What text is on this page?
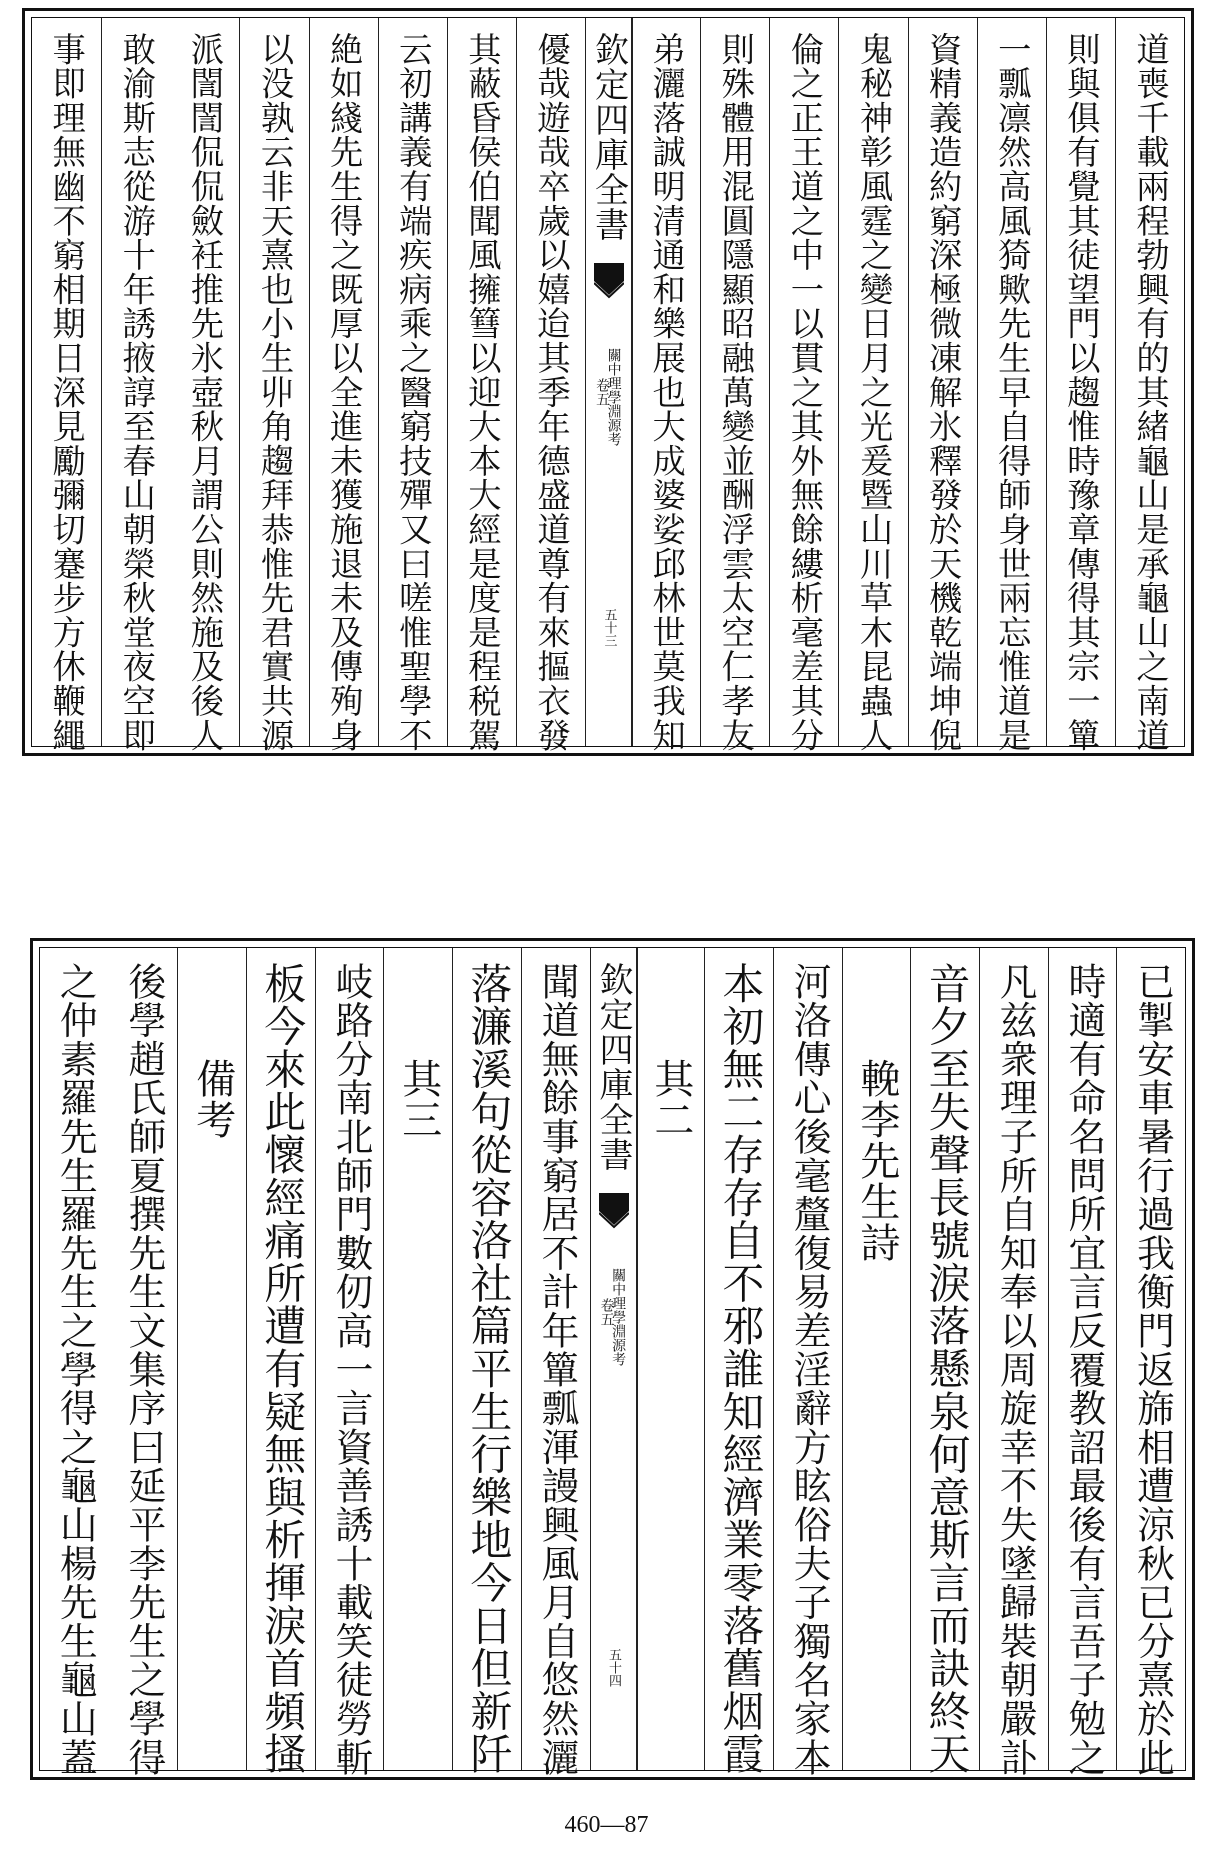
道喪千載兩程勃興有的其緒龜山是承龜山之南道
則與俱有覺其徒望門以趨惟時豫章傳得其宗一簞
一瓢凛然高風猗歟先生早自得師身世兩忘惟道是
資精義造約窮深極微凍解氷釋發於天機乾端坤倪
鬼秘神彰風霆之變日月之光爰暨山川草木昆蟲人
倫之正王道之中一以貫之其外無餘縷析毫差其分
則殊體用混圓隱顯昭融萬變並酬浮雲太空仁孝友
弟灑落誠明清通和樂展也大成婆娑邱林世莫我知
欽定四庫全書
關中理學淵源考
卷五
五十三
優哉遊哉卒歲以嬉迨其季年德盛道尊有來摳衣發
其蔽昏侯伯聞風擁篲以迎大本大經是度是程税駕
云初講義有端疾病乘之醫窮技殫又曰嗟惟聖學不
絶如綫先生得之既厚以全進未獲施退未及傳殉身
以没孰云非天熹也小生丱角趨拜恭惟先君實共源
派誾誾侃侃斂衽推先氷壺秋月謂公則然施及後人
敢渝斯志從游十年誘掖諄至春山朝榮秋堂夜空即
事即理無幽不窮相期日深見勵彌切蹇步方休鞭繩
已掣安車暑行過我衡門返旆相遭涼秋已分熹於此
時適有命名問所宜言反覆教詔最後有言吾子勉之
凡兹衆理子所自知奉以周旋幸不失墜歸裝朝嚴訃
音夕至失聲長號淚落懸泉何意斯言而訣終天
輓李先生詩
河洛傳心後毫釐復易差淫辭方眩俗夫子獨名家本
本初無二存存自不邪誰知經濟業零落舊烟霞
其二
欽定四庫全書
關中理學淵源考
卷五
五十四
聞道無餘事窮居不計年簞瓢渾謾興風月自悠然灑
落濂溪句從容洛社篇平生行樂地今日但新阡
其三
岐路分南北師門數仞高一言資善誘十載笑徒勞斬
板今來此懷經痛所遭有疑無與析揮淚首頻搔
備考
後學趙氏師夏撰先生文集序曰延平李先生之學得
之仲素羅先生羅先生之學得之龜山楊先生龜山蓋
460—87
